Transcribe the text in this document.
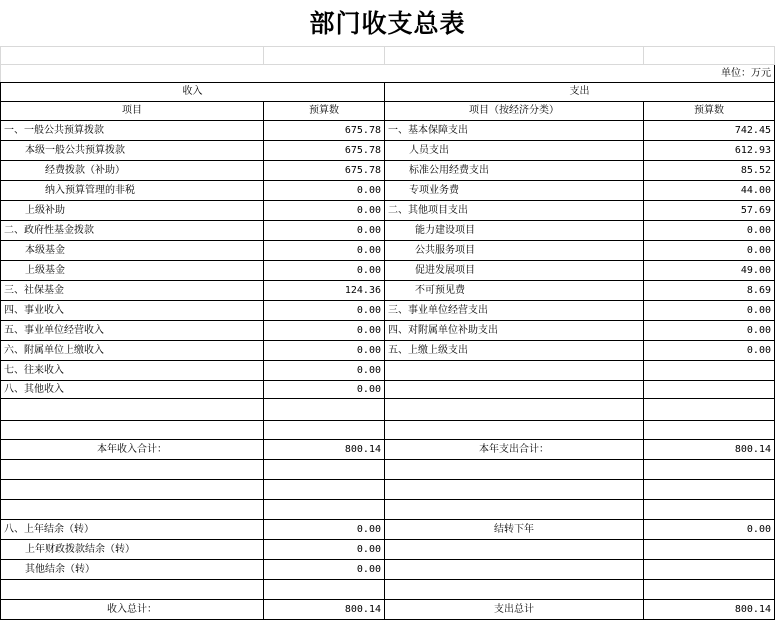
部门收支总表

单位：万元			
收入		支出	
项目	预算数	项目（按经济分类）	预算数
一、一般公共预算拨款	675.78	一、基本保障支出	742.45
本级一般公共预算拨款	675.78	人员支出	612.93
经费拨款（补助）	675.78	标准公用经费支出	85.52
纳入预算管理的非税	0.00	专项业务费	44.00
上级补助	0.00	二、其他项目支出	57.69
二、政府性基金拨款	0.00	能力建设项目	0.00
本级基金	0.00	公共服务项目	0.00
上级基金	0.00	促进发展项目	49.00
三、社保基金	124.36	不可预见费	8.69
四、事业收入	0.00	三、事业单位经营支出	0.00
五、事业单位经营收入	0.00	四、对附属单位补助支出	0.00
六、附属单位上缴收入	0.00	五、上缴上级支出	0.00
七、往来收入	0.00		
八、其他收入	0.00		

本年收入合计：	800.14	本年支出合计：	800.14

八、上年结余（转）	0.00	结转下年	0.00
上年财政拨款结余（转）	0.00		
其他结余（转）	0.00		

收入总计：	800.14	支出总计	800.14
